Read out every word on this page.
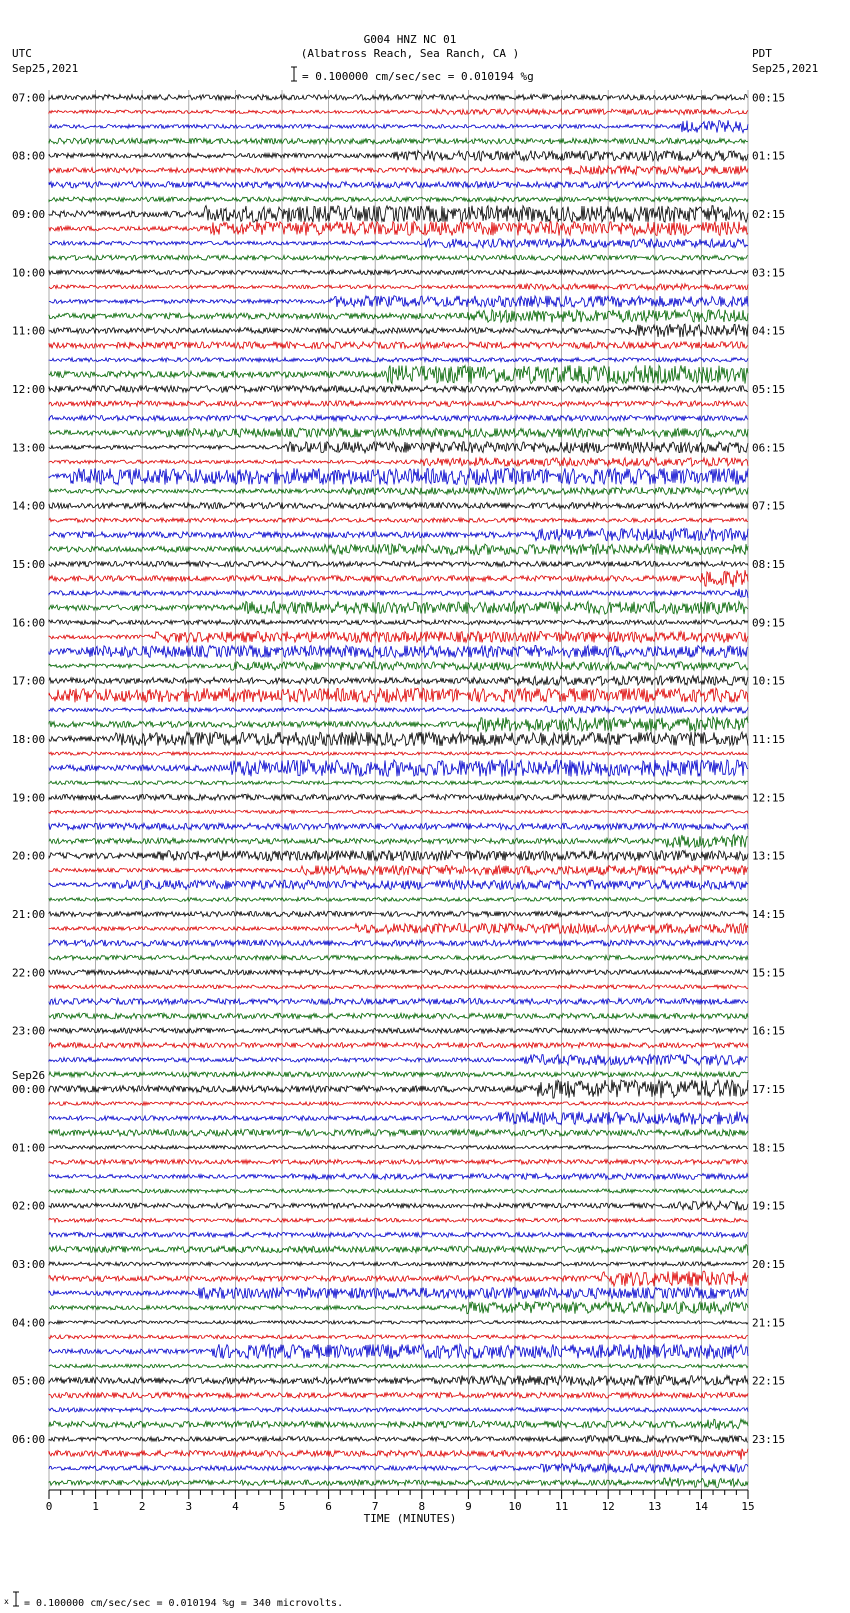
G004 HNZ NC 01
(Albatross Reach, Sea Ranch, CA )
UTC
Sep25,2021
PDT
Sep25,2021
= 0.100000 cm/sec/sec = 0.010194 %g
07:00
08:00
09:00
10:00
11:00
12:00
13:00
14:00
15:00
16:00
17:00
18:00
19:00
20:00
21:00
22:00
23:00
00:00
01:00
02:00
03:00
04:00
05:00
06:00
00:15
01:15
02:15
03:15
04:15
05:15
06:15
07:15
08:15
09:15
10:15
11:15
12:15
13:15
14:15
15:15
16:15
17:15
18:15
19:15
20:15
21:15
22:15
23:15
Sep26
0	1	2	3	4	5	6	7	8	9	10	11	12	13	14	15
TIME (MINUTES)
x = 0.100000 cm/sec/sec = 0.010194 %g = 340 microvolts.
